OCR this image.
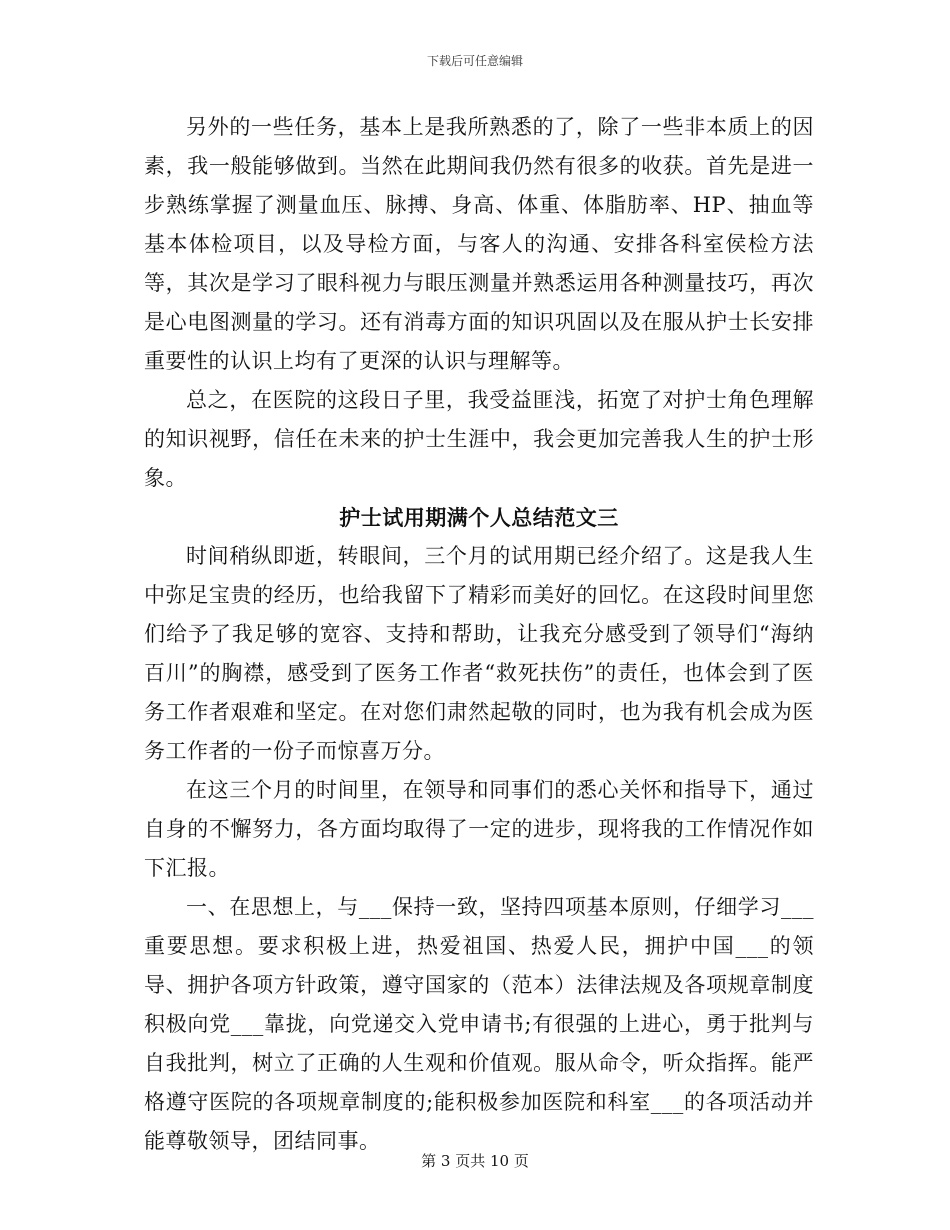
下载后可任意编辑

另外的一些任务，基本上是我所熟悉的了，除了一些非本质上的因素，我一般能够做到。当然在此期间我仍然有很多的收获。首先是进一步熟练掌握了测量血压、脉搏、身高、体重、体脂肪率、HP、抽血等基本体检项目，以及导检方面，与客人的沟通、安排各科室侯检方法等，其次是学习了眼科视力与眼压测量并熟悉运用各种测量技巧，再次是心电图测量的学习。还有消毒方面的知识巩固以及在服从护士长安排重要性的认识上均有了更深的认识与理解等。

总之，在医院的这段日子里，我受益匪浅，拓宽了对护士角色理解的知识视野，信任在未来的护士生涯中，我会更加完善我人生的护士形象。

护士试用期满个人总结范文三

时间稍纵即逝，转眼间，三个月的试用期已经介绍了。这是我人生中弥足宝贵的经历，也给我留下了精彩而美好的回忆。在这段时间里您们给予了我足够的宽容、支持和帮助，让我充分感受到了领导们“海纳百川”的胸襟，感受到了医务工作者“救死扶伤”的责任，也体会到了医务工作者艰难和坚定。在对您们肃然起敬的同时，也为我有机会成为医务工作者的一份子而惊喜万分。

在这三个月的时间里，在领导和同事们的悉心关怀和指导下，通过自身的不懈努力，各方面均取得了一定的进步，现将我的工作情况作如下汇报。

一、在思想上，与___保持一致，坚持四项基本原则，仔细学习___重要思想。要求积极上进，热爱祖国、热爱人民，拥护中国___的领导、拥护各项方针政策，遵守国家的（范本）法律法规及各项规章制度积极向党___靠拢，向党递交入党申请书;有很强的上进心，勇于批判与自我批判，树立了正确的人生观和价值观。服从命令，听众指挥。能严格遵守医院的各项规章制度的;能积极参加医院和科室___的各项活动并能尊敬领导，团结同事。

第 3 页共 10 页
